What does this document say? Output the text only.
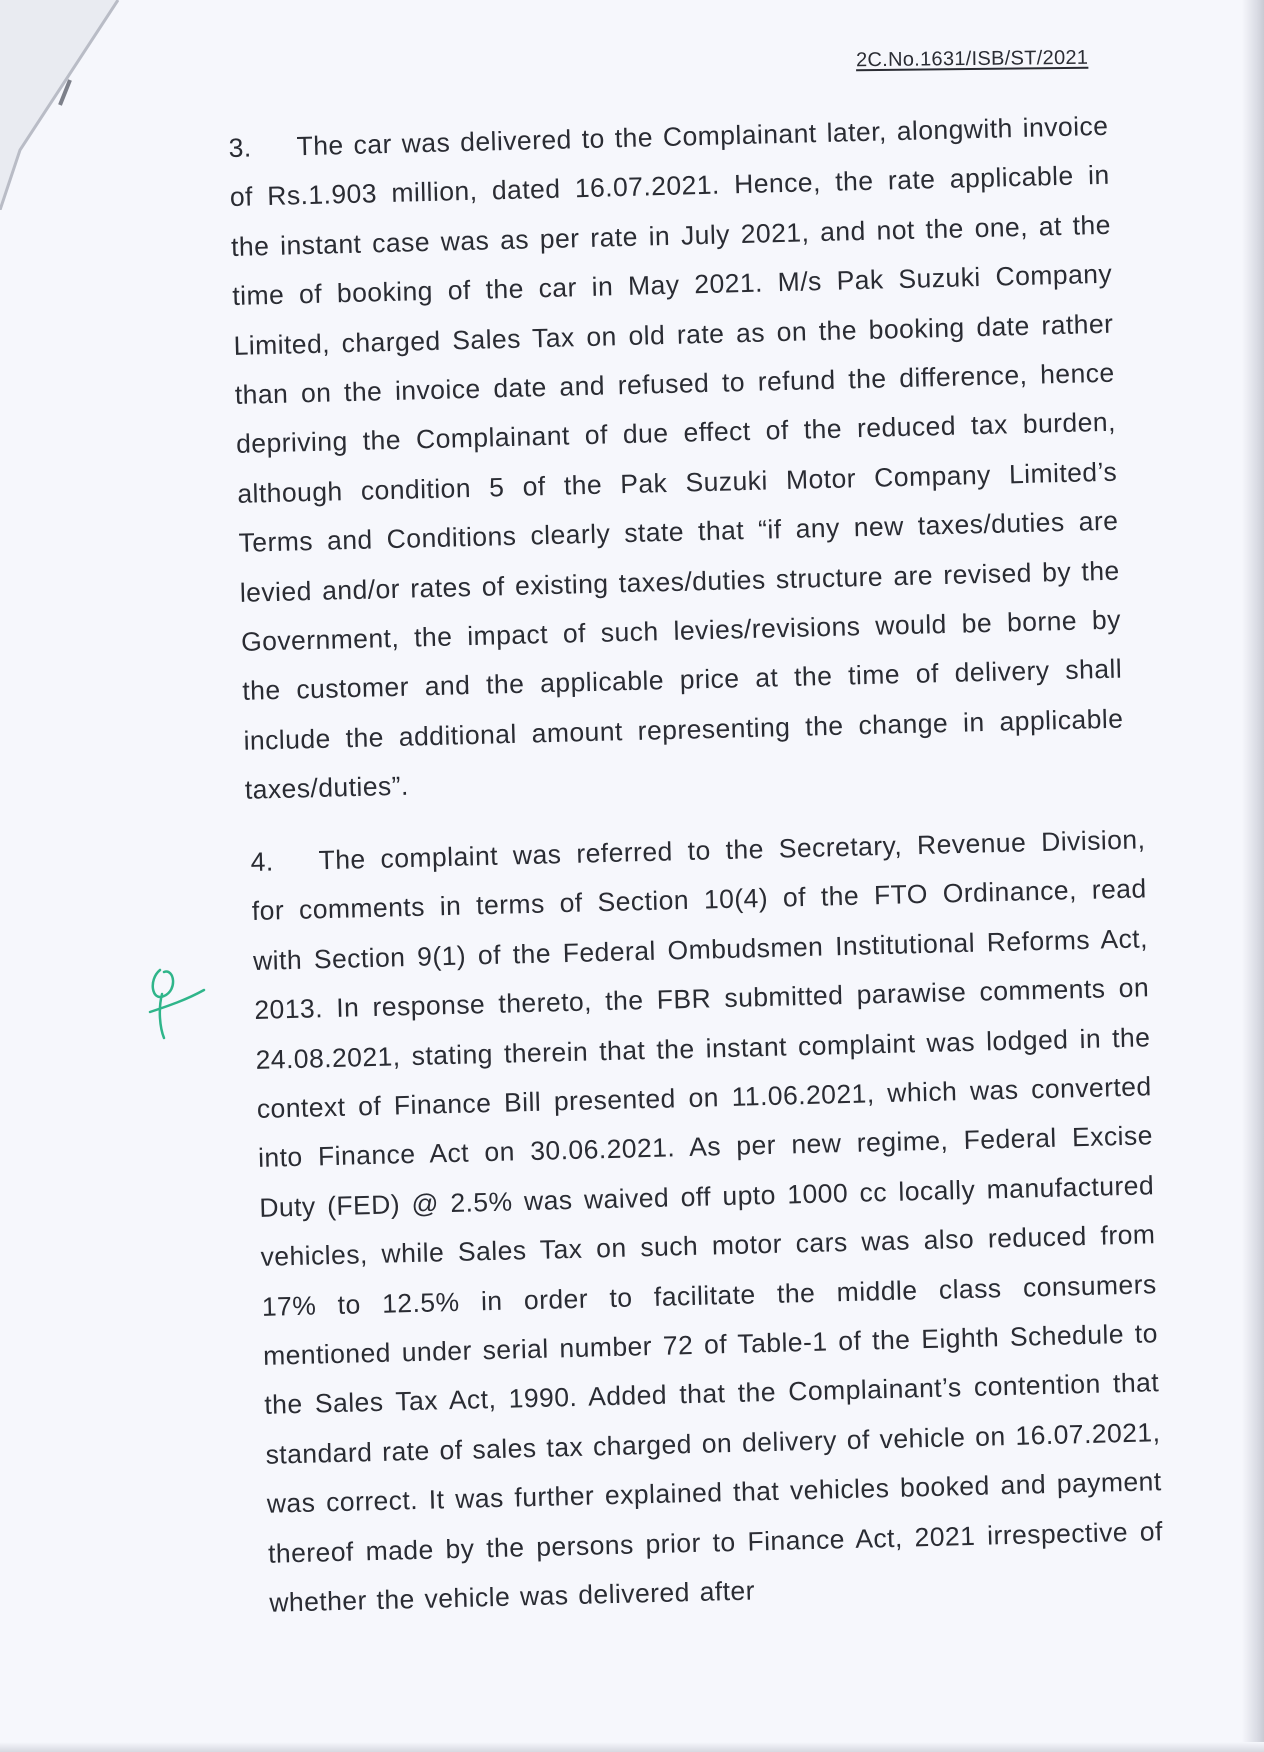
2C.No.1631/ISB/ST/2021

3. The car was delivered to the Complainant later, alongwith invoice of Rs.1.903 million, dated 16.07.2021. Hence, the rate applicable in the instant case was as per rate in July 2021, and not the one, at the time of booking of the car in May 2021. M/s Pak Suzuki Company Limited, charged Sales Tax on old rate as on the booking date rather than on the invoice date and refused to refund the difference, hence depriving the Complainant of due effect of the reduced tax burden, although condition 5 of the Pak Suzuki Motor Company Limited’s Terms and Conditions clearly state that “if any new taxes/duties are levied and/or rates of existing taxes/duties structure are revised by the Government, the impact of such levies/revisions would be borne by the customer and the applicable price at the time of delivery shall include the additional amount representing the change in applicable taxes/duties”.

4. The complaint was referred to the Secretary, Revenue Division, for comments in terms of Section 10(4) of the FTO Ordinance, read with Section 9(1) of the Federal Ombudsmen Institutional Reforms Act, 2013. In response thereto, the FBR submitted parawise comments on 24.08.2021, stating therein that the instant complaint was lodged in the context of Finance Bill presented on 11.06.2021, which was converted into Finance Act on 30.06.2021. As per new regime, Federal Excise Duty (FED) @ 2.5% was waived off upto 1000 cc locally manufactured vehicles, while Sales Tax on such motor cars was also reduced from 17% to 12.5% in order to facilitate the middle class consumers mentioned under serial number 72 of Table-1 of the Eighth Schedule to the Sales Tax Act, 1990. Added that the Complainant’s contention that standard rate of sales tax charged on delivery of vehicle on 16.07.2021, was correct. It was further explained that vehicles booked and payment thereof made by the persons prior to Finance Act, 2021 irrespective of whether the vehicle was delivered after
